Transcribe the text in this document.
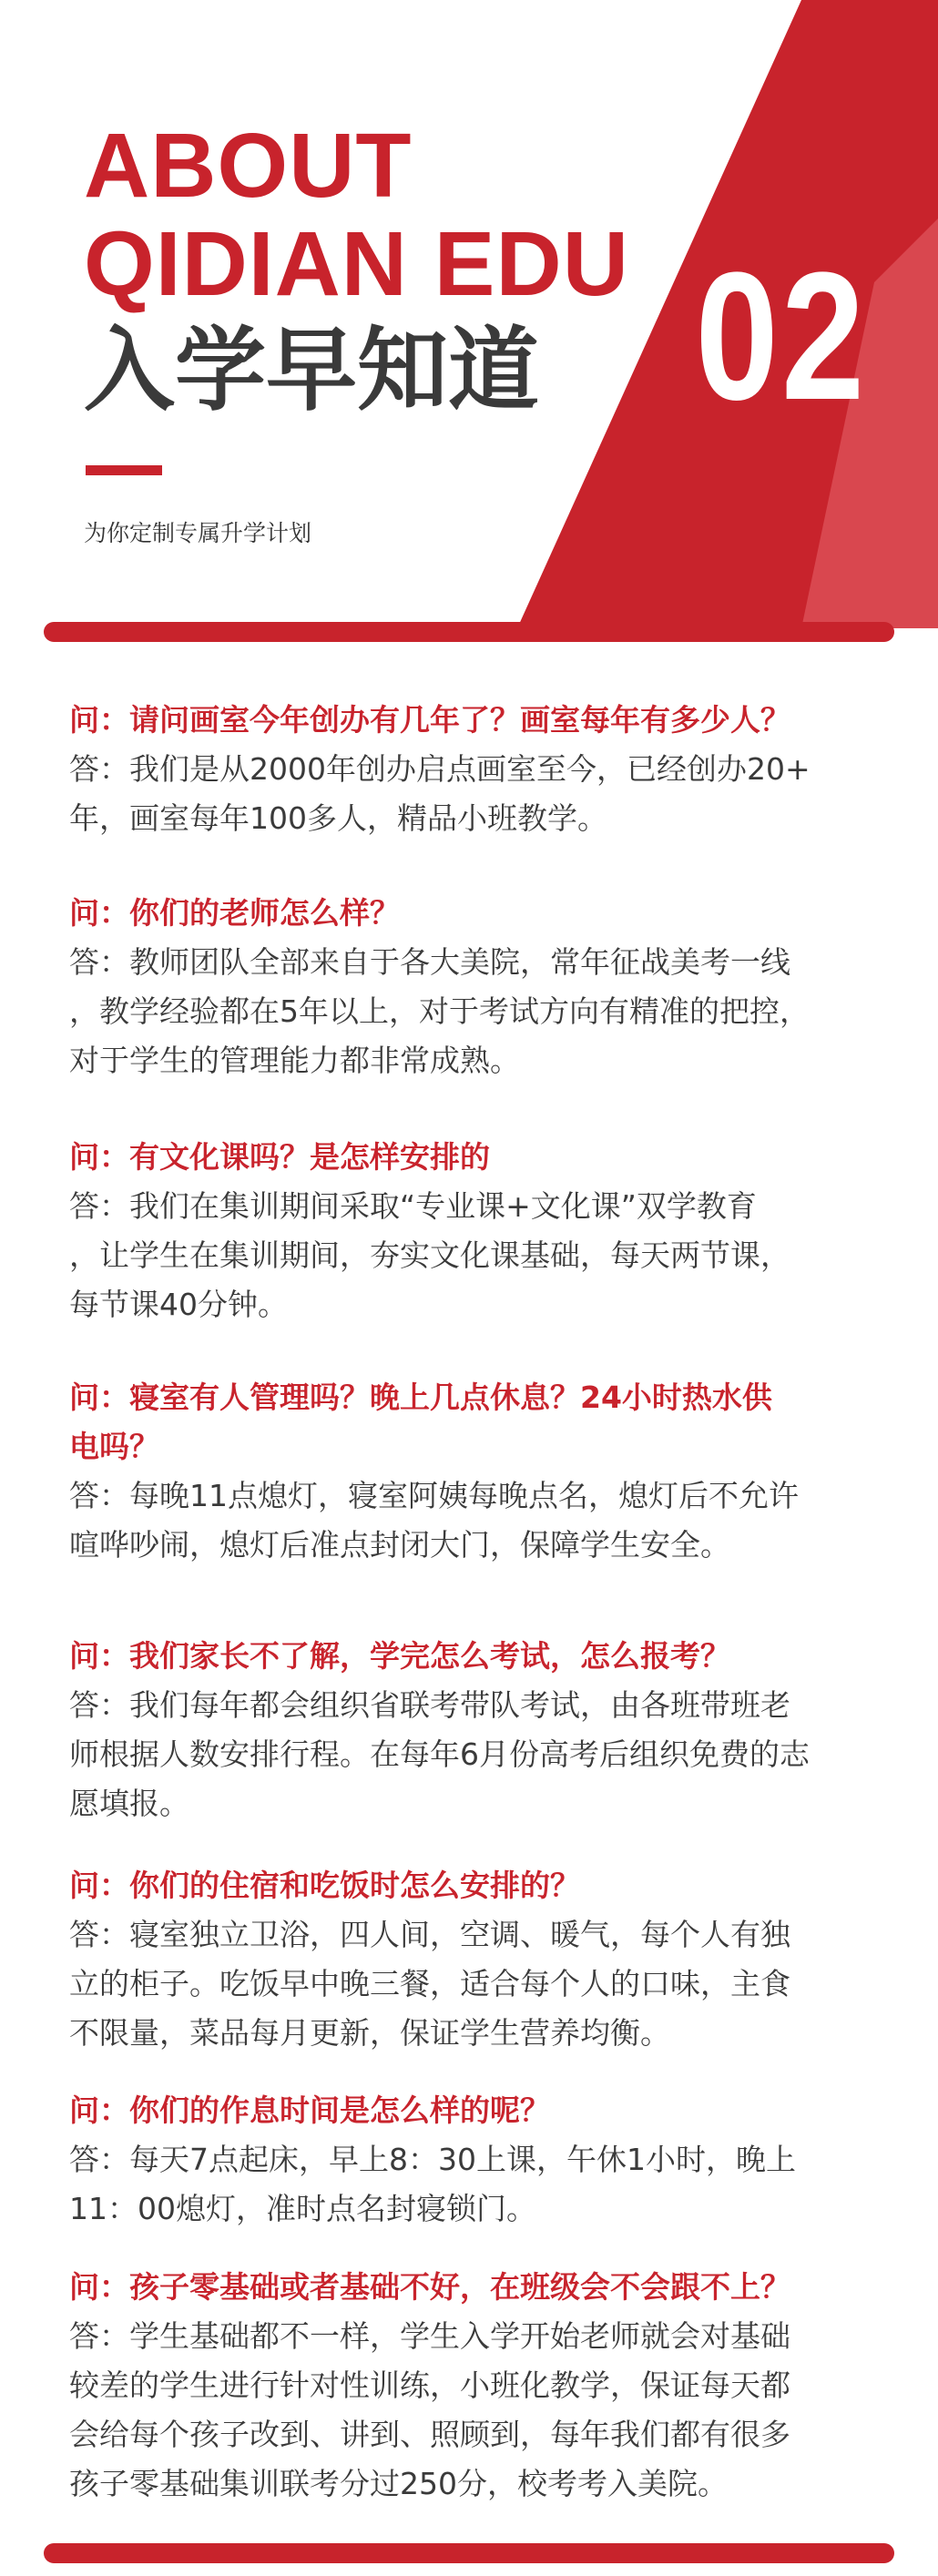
02
ABOUT
QIDIAN EDU
入学早知道
为你定制专属升学计划

问：请问画室今年创办有几年了？画室每年有多少人？

答：我们是从2000年创办启点画室至今，已经创办20+

年，画室每年100多人，精品小班教学。

问：你们的老师怎么样？

答：教师团队全部来自于各大美院，常年征战美考一线

，教学经验都在5年以上，对于考试方向有精准的把控，

对于学生的管理能力都非常成熟。

问：有文化课吗？是怎样安排的

答：我们在集训期间采取“专业课+文化课”双学教育

，让学生在集训期间，夯实文化课基础，每天两节课，

每节课40分钟。

问：寝室有人管理吗？晚上几点休息？24小时热水供

电吗？

答：每晚11点熄灯，寝室阿姨每晚点名，熄灯后不允许

喧哗吵闹，熄灯后准点封闭大门，保障学生安全。

问：我们家长不了解，学完怎么考试，怎么报考？

答：我们每年都会组织省联考带队考试，由各班带班老

师根据人数安排行程。在每年6月份高考后组织免费的志

愿填报。

问：你们的住宿和吃饭时怎么安排的？

答：寝室独立卫浴，四人间，空调、暖气，每个人有独

立的柜子。吃饭早中晚三餐，适合每个人的口味，主食

不限量，菜品每月更新，保证学生营养均衡。

问：你们的作息时间是怎么样的呢？

答：每天7点起床，早上8：30上课，午休1小时，晚上

11：00熄灯，准时点名封寝锁门。

问：孩子零基础或者基础不好，在班级会不会跟不上？

答：学生基础都不一样，学生入学开始老师就会对基础

较差的学生进行针对性训练，小班化教学，保证每天都

会给每个孩子改到、讲到、照顾到，每年我们都有很多

孩子零基础集训联考分过250分，校考考入美院。
